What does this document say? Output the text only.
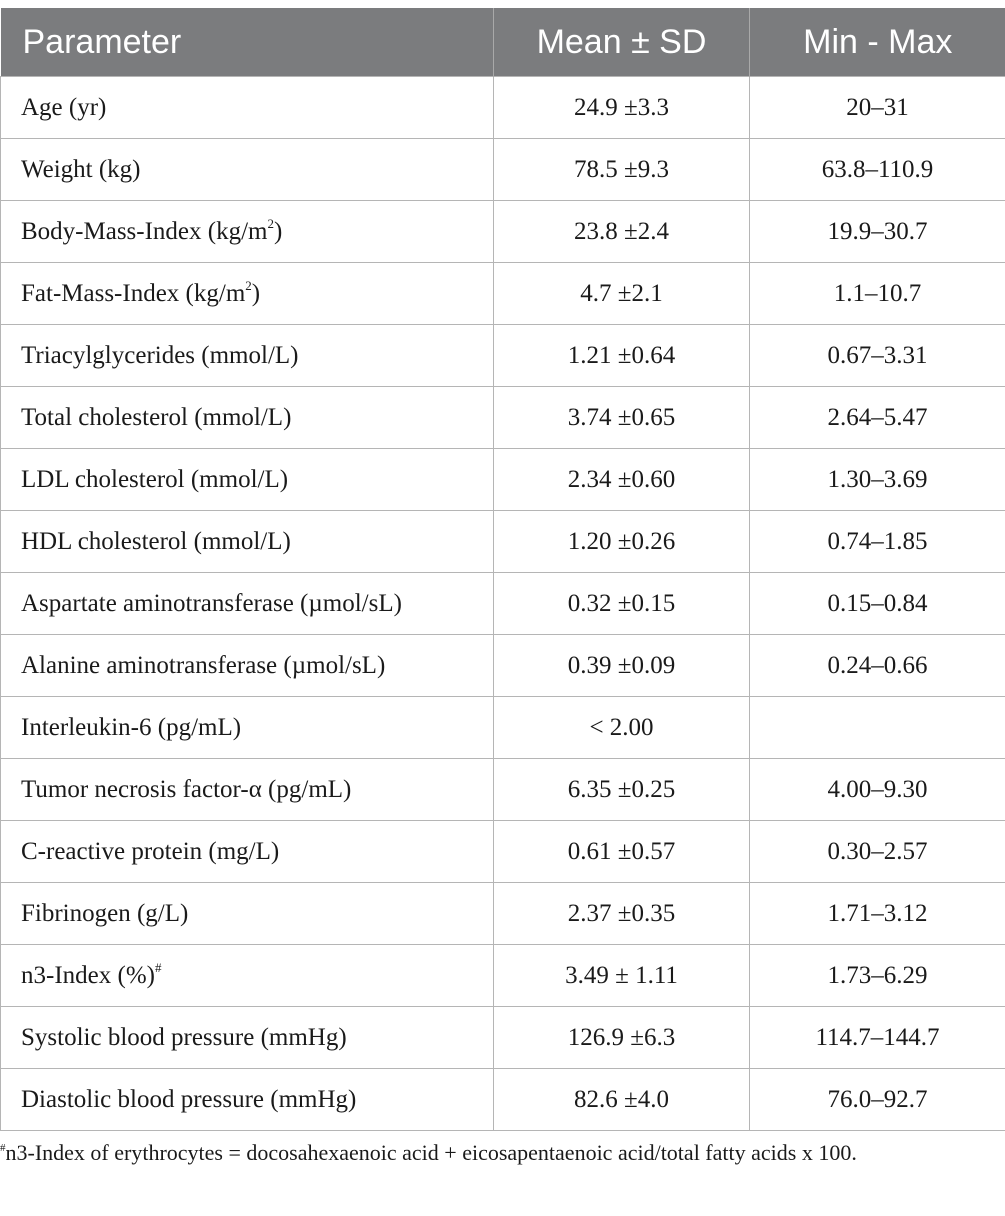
Parameter	Mean ± SD	Min - Max
Age (yr)	24.9 ±3.3	20–31
Weight (kg)	78.5 ±9.3	63.8–110.9
Body-Mass-Index $(kg/m^2)$	23.8 ±2.4	19.9–30.7
Fat-Mass-Index $(kg/m^2)$	4.7 ±2.1	1.1–10.7
Triacylglycerides (mmol/L)	1.21 ±0.64	0.67–3.31
Total cholesterol (mmol/L)	3.74 ±0.65	2.64–5.47
LDL cholesterol (mmol/L)	2.34 ±0.60	1.30–3.69
HDL cholesterol (mmol/L)	1.20 ±0.26	0.74–1.85
Aspartate aminotransferase (µmol/sL)	0.32 ±0.15	0.15–0.84
Alanine aminotransferase (µmol/sL)	0.39 ±0.09	0.24–0.66
Interleukin-6 (pg/mL)	< 2.00	
Tumor necrosis factor-α (pg/mL)	6.35 ±0.25	4.00–9.30
C-reactive protein (mg/L)	0.61 ±0.57	0.30–2.57
Fibrinogen (g/L)	2.37 ±0.35	1.71–3.12
n3-Index (%)#	3.49 ± 1.11	1.73–6.29
Systolic blood pressure (mmHg)	126.9 ±6.3	114.7–144.7
Diastolic blood pressure (mmHg)	82.6 ±4.0	76.0–92.7
#n3-Index of erythrocytes = docosahexaenoic acid + eicosapentaenoic acid/total fatty acids x 100.
